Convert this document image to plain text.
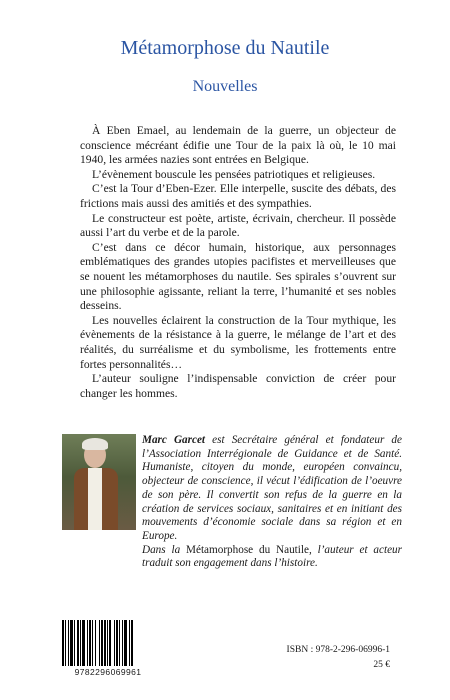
Métamorphose du Nautile
Nouvelles

À Eben Emael, au lendemain de la guerre, un objecteur de conscience mécréant édifie une Tour de la paix là où, le 10 mai 1940, les armées nazies sont entrées en Belgique.

L’évènement bouscule les pensées patriotiques et religieuses.

C’est la Tour d’Eben-Ezer. Elle interpelle, suscite des débats, des frictions mais aussi des amitiés et des sympathies.

Le constructeur est poète, artiste, écrivain, chercheur. Il possède aussi l’art du verbe et de la parole.

C’est dans ce décor humain, historique, aux personnages emblématiques des grandes utopies pacifistes et merveilleuses que se nouent les métamorphoses du nautile. Ses spirales s’ouvrent sur une philosophie agissante, reliant la terre, l’humanité et ses nobles desseins.

Les nouvelles éclairent la construction de la Tour mythique, les évènements de la résistance à la guerre, le mélange de l’art et des réalités, du surréalisme et du symbolisme, les frottements entre fortes personnalités…

L’auteur souligne l’indispensable conviction de créer pour changer les hommes.

Marc Garcet est Secrétaire général et fondateur de l’Association Interrégionale de Guidance et de Santé. Humaniste, citoyen du monde, européen convaincu, objecteur de conscience, il vécut l’édification de l’oeuvre de son père. Il convertit son refus de la guerre en la création de services sociaux, sanitaires et en initiant des mouvements d’économie sociale dans sa région et en Europe.

Dans la Métamorphose du Nautile, l’auteur et acteur traduit son engagement dans l’histoire.

9782296069961
ISBN : 978-2-296-06996-1
25 €
